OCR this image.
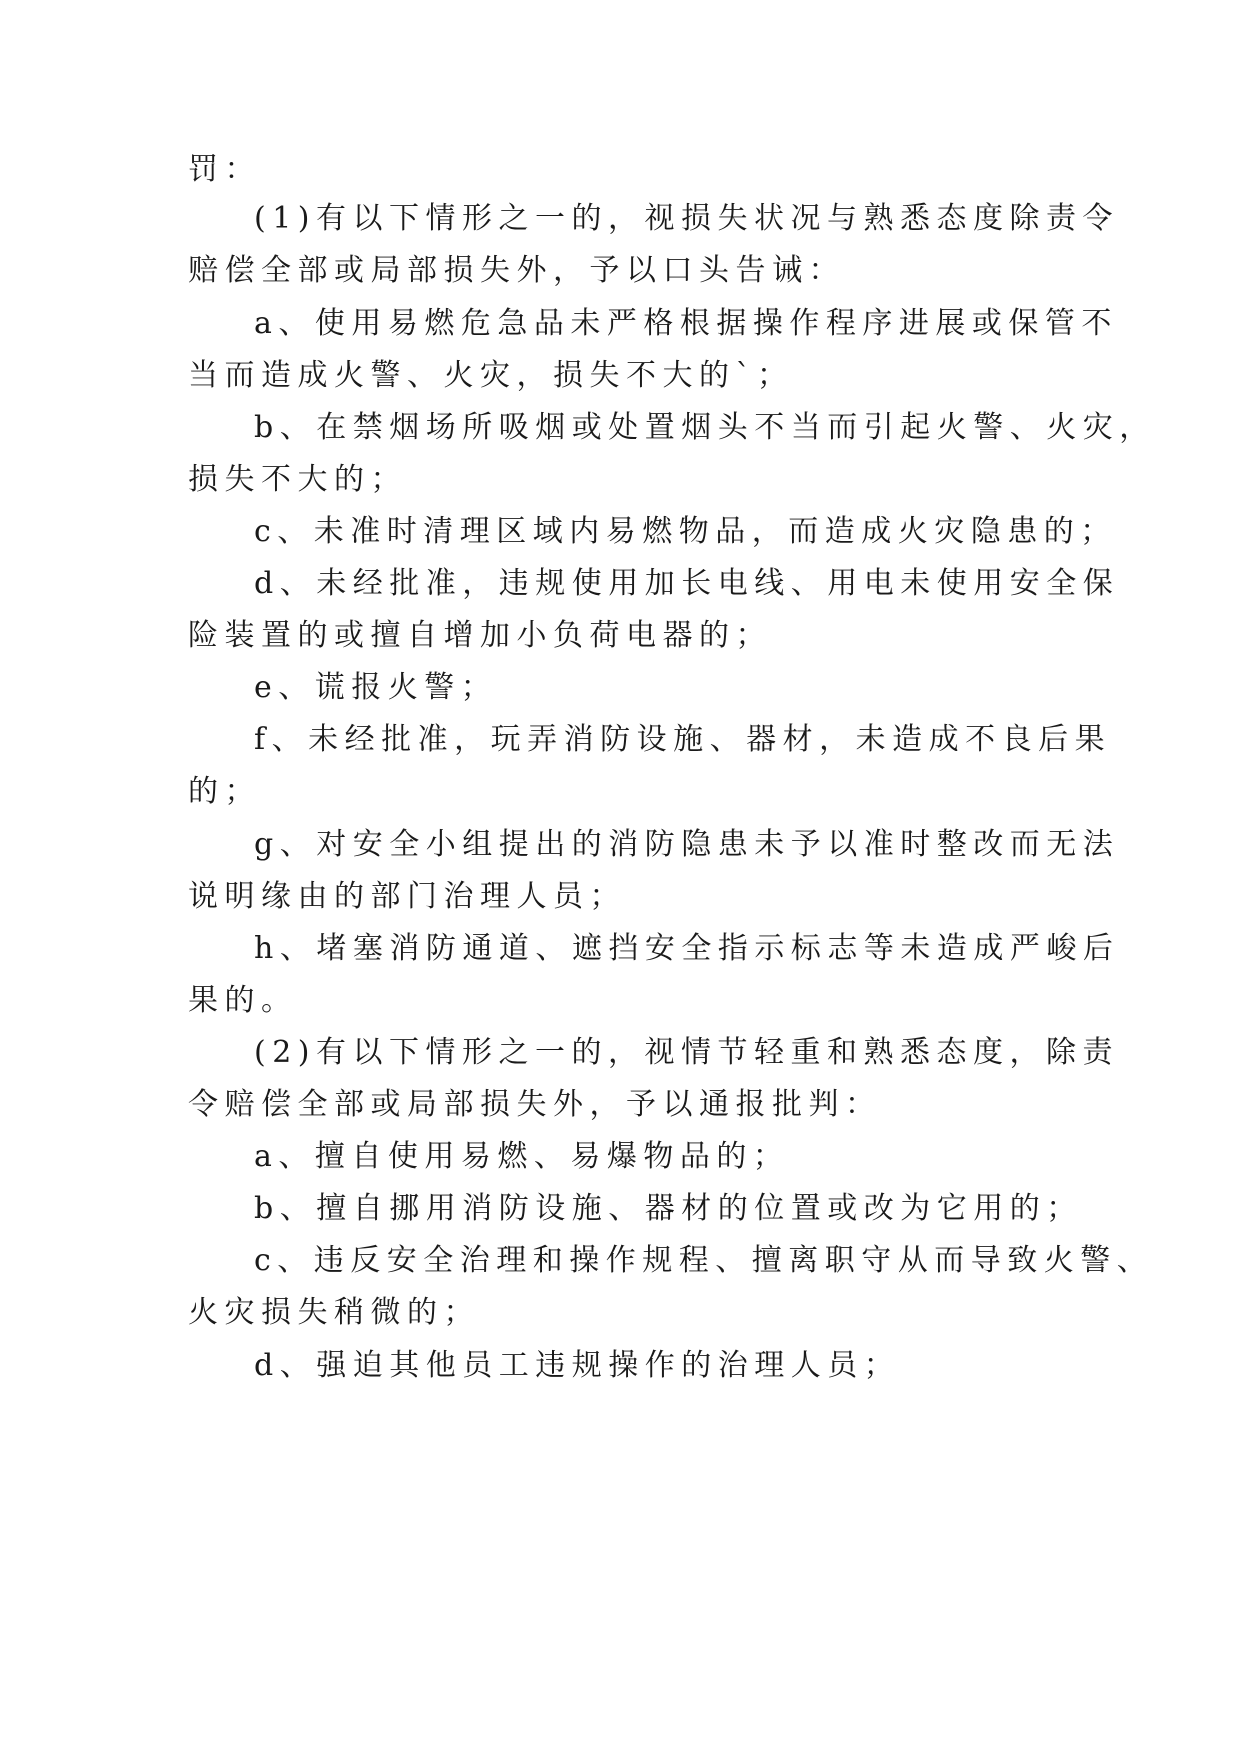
罚：
(1)有以下情形之一的，视损失状况与熟悉态度除责令
赔偿全部或局部损失外，予以口头告诫：
a、使用易燃危急品未严格根据操作程序进展或保管不
当而造成火警、火灾，损失不大的`；
b、在禁烟场所吸烟或处置烟头不当而引起火警、火灾，
损失不大的；
c、未准时清理区域内易燃物品，而造成火灾隐患的；
d、未经批准，违规使用加长电线、用电未使用安全保
险装置的或擅自增加小负荷电器的；
e、谎报火警；
f、未经批准，玩弄消防设施、器材，未造成不良后果
的；
g、对安全小组提出的消防隐患未予以准时整改而无法
说明缘由的部门治理人员；
h、堵塞消防通道、遮挡安全指示标志等未造成严峻后
果的。
(2)有以下情形之一的，视情节轻重和熟悉态度，除责
令赔偿全部或局部损失外，予以通报批判：
a、擅自使用易燃、易爆物品的；
b、擅自挪用消防设施、器材的位置或改为它用的；
c、违反安全治理和操作规程、擅离职守从而导致火警、
火灾损失稍微的；
d、强迫其他员工违规操作的治理人员；
